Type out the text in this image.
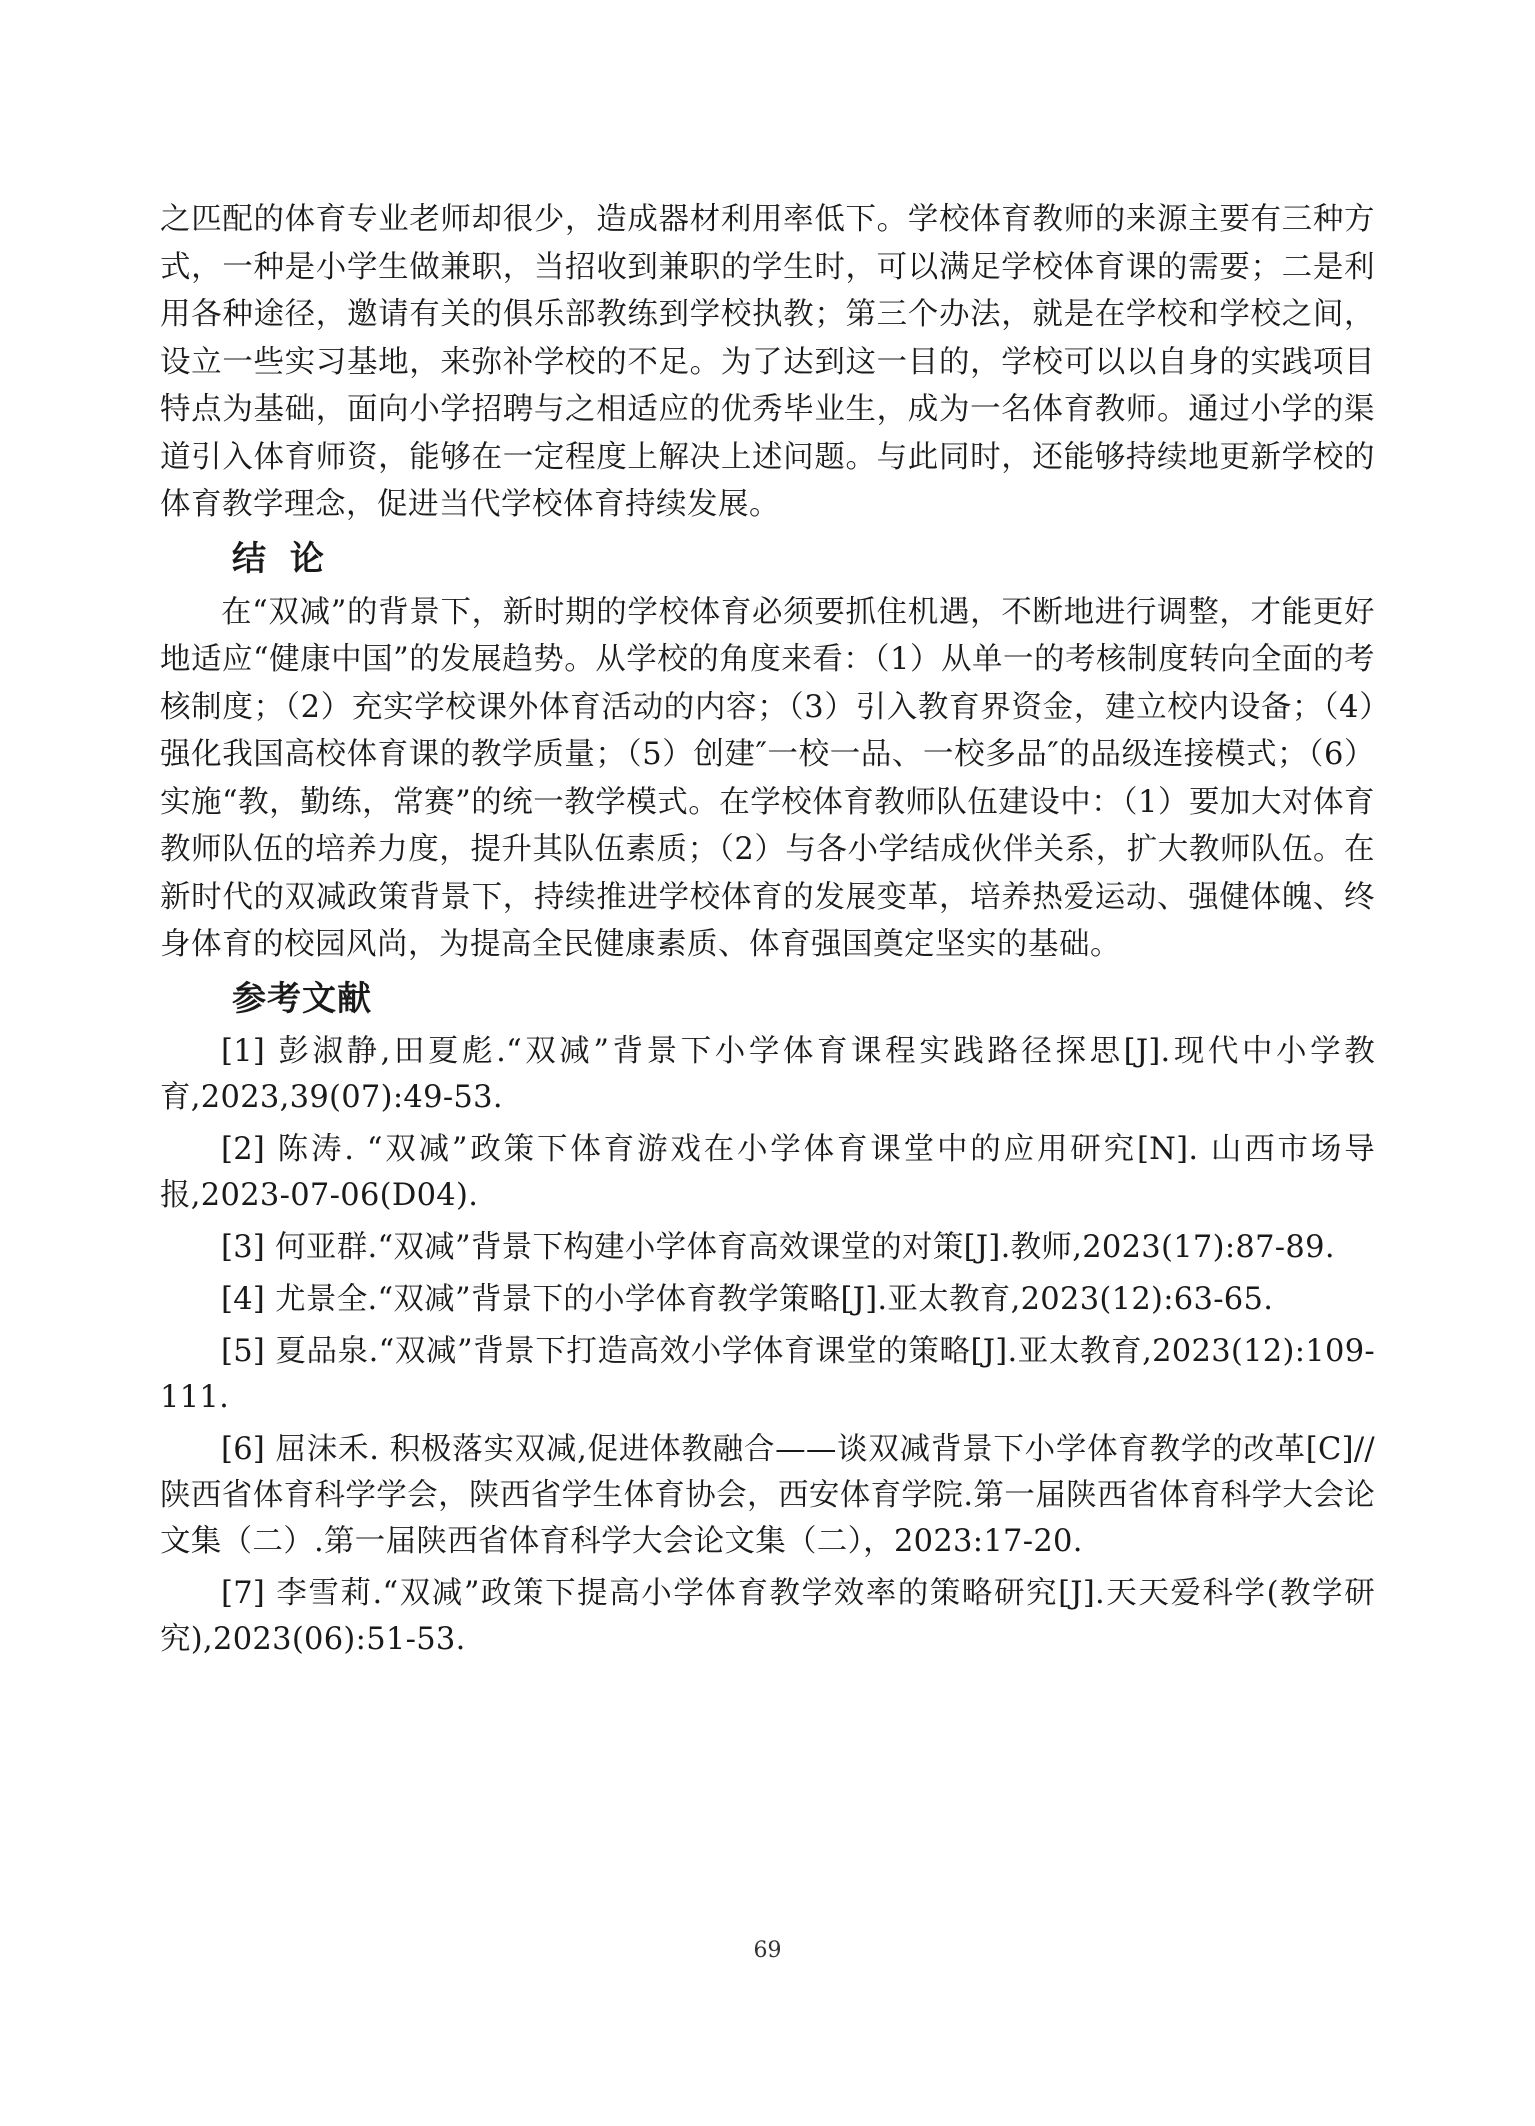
之匹配的体育专业老师却很少，造成器材利用率低下。学校体育教师的来源主要有三种方式，一种是小学生做兼职，当招收到兼职的学生时，可以满足学校体育课的需要；二是利用各种途径，邀请有关的俱乐部教练到学校执教；第三个办法，就是在学校和学校之间，设立一些实习基地，来弥补学校的不足。为了达到这一目的，学校可以以自身的实践项目特点为基础，面向小学招聘与之相适应的优秀毕业生，成为一名体育教师。通过小学的渠道引入体育师资，能够在一定程度上解决上述问题。与此同时，还能够持续地更新学校的体育教学理念，促进当代学校体育持续发展。

结 论

在“双减”的背景下，新时期的学校体育必须要抓住机遇，不断地进行调整，才能更好地适应“健康中国”的发展趋势。从学校的角度来看：（1）从单一的考核制度转向全面的考核制度；（2）充实学校课外体育活动的内容；（3）引入教育界资金，建立校内设备；（4）强化我国高校体育课的教学质量；（5）创建″一校一品、一校多品″的品级连接模式；（6）实施“教，勤练，常赛”的统一教学模式。在学校体育教师队伍建设中：（1）要加大对体育教师队伍的培养力度，提升其队伍素质；（2）与各小学结成伙伴关系，扩大教师队伍。在新时代的双减政策背景下，持续推进学校体育的发展变革，培养热爱运动、强健体魄、终身体育的校园风尚，为提高全民健康素质、体育强国奠定坚实的基础。

参考文献

[1] 彭淑静,田夏彪.“双减”背景下小学体育课程实践路径探思[J].现代中小学教育,2023,39(07):49-53.

[2] 陈涛. “双减”政策下体育游戏在小学体育课堂中的应用研究[N]. 山西市场导报,2023-07-06(D04).

[3] 何亚群.“双减”背景下构建小学体育高效课堂的对策[J].教师,2023(17):87-89.

[4] 尤景全.“双减”背景下的小学体育教学策略[J].亚太教育,2023(12):63-65.

[5] 夏品泉.“双减”背景下打造高效小学体育课堂的策略[J].亚太教育,2023(12):109-111.

[6] 屈沫禾. 积极落实双减,促进体教融合——谈双减背景下小学体育教学的改革[C]//陕西省体育科学学会，陕西省学生体育协会，西安体育学院.第一届陕西省体育科学大会论文集（二）.第一届陕西省体育科学大会论文集（二），2023:17-20.

[7] 李雪莉.“双减”政策下提高小学体育教学效率的策略研究[J].天天爱科学(教学研究),2023(06):51-53.

69
